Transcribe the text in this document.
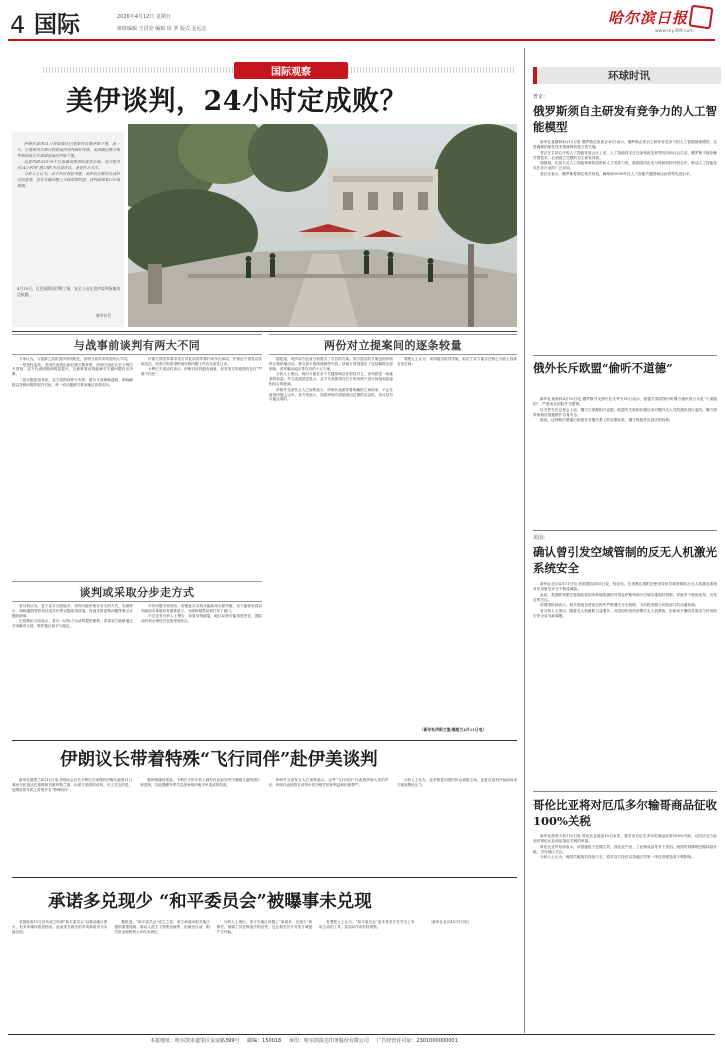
4 国际	2026年4月12日 星期日
值班编辑 王洪亮 编辑 周 翠 版式 金远志
哈尔滨日报
www.my399.com
国际观察
美伊谈判，24小时定成败？

伊朗代表团11日凌晨抵达巴基斯坦首都伊斯兰堡，前一天，巴基斯坦方面已经就美伊谈判做好安排。美国副总统万斯率领的美方代表团也抵达伊斯兰堡。

这是两国自1979年以来最高级别的直接会晤。双方能否在24小时的“窗口期”内达成协议，备受各方关注。

分析人士认为，出于各自利益考量，美伊双方都有达成协议的意愿，但在关键问题上分歧依然明显，谈判前景难以乐观预测。

4月10日，在巴基斯坦伊斯兰堡，安全人员在美伊谈判场地周边执勤。
新华社发
与战事前谈判有两大不同

专家认为，与战事之前的美伊谈判相比，伊朗当前对谈判有两大不同。

一是授权更高。美国代表团由副总统万斯率领，伊朗方面由议长卡利巴夫领衔，双方代表团级别明显提升，这意味着谈判能够对关键问题作出决断。

二是议题更加具体。双方将围绕停火安排、霍尔木兹海峡通航、制裁解除以及核问题等展开讨论，每一项议题都关系到地区局势走向。

伊朗方面坚持要求美方对此前的军事行动作出承诺，并保证不再发动类似攻击，而美方则希望伊朗在核问题上作出实质性让步。

卡利巴夫抵达时表示，伊朗对谈判抱有诚意，但对美方的意图仍存在“严重不信任”。

两份对立提案间的逐条较量

据报道，美伊双方此前分别提出了各自的方案。美方提出的方案包括伊朗停止铀浓缩活动、移交高丰度浓缩铀等内容；伊朗方面则提出了包括解除全部制裁、美军撤出地区等在内的十点方案。

分析人士指出，两份方案在多个关键领域存在明显对立，谈判将是一场逐条的较量。外交渠道消息显示，双方代表团将在巴方的协调下进行间接和直接相结合的磋商。

伊朗外交部发言人巴加埃表示，伊朗代表团带着明确的立场前来，不会在原则问题上让步。美方则表示，如果伊朗方面展现出足够的灵活性，协议是有可能达成的。

观察人士认为，谈判能否取得突破，取决于双方能否在核心分歧上找到妥协空间。

（新华社伊斯兰堡/德黑兰4月11日电）
谈判或采取分步走方式

有分析认为，鉴于双方分歧较多，谈判可能采取分步走的方式，先就停火、海峡通航等较易达成共识的议题取得进展，再逐步推进核问题等难点议题的磋商。

巴基斯坦方面表示，将尽一切努力为谈判提供便利，希望双方能够通过对话解决分歧，维护地区和平与稳定。

中东问题专家指出，即便此次谈判未能取得全面突破，双方能够坐到谈判桌前本身就具有重要意义，为缓和紧张局势打开了窗口。

不过也有分析人士警告，如果谈判破裂，地区局势可能再度恶化，国际油价和全球经济也将受到冲击。

伊朗议长带着特殊“飞行同伴”赴伊美谈判

新华社德黑兰4月11日电 伊朗议会议长卡利巴夫率领的伊朗代表团11日乘坐专机抵达巴基斯坦首都伊斯兰堡，出席与美国的谈判。引人关注的是，他乘坐的专机上带着多名“特殊同伴”。

据伊朗媒体报道，卡利巴夫的专机上载有在此前冲突中遇难儿童的照片和遗物，以此提醒外界关注战争给伊朗平民造成的伤害。

伊朗外交部发言人巴加埃表示，这些“飞行同伴”代表着伊朗人民的声音，伊朗代表团将在谈判中坚决维护国家利益和民族尊严。

分析人士认为，此举既是向国内民众表明立场，也是在谈判开始前向美方施加舆论压力。

承诺多兑现少 “和平委员会”被曝事未兑现

美国政府11日宣布成立所谓“和平委员会”以推动地区停火，但多家媒体报道指出，此前美方做出的多项承诺至今未能兑现。

据报道，“和平委员会”成立之初，美方承诺向相关地区提供重建援助、推动人道主义物资运输等，但截至目前，相关资金和物资大多仍未到位。

分析人士指出，美方在地区问题上“承诺多、兑现少”的做法，削弱了其在斡旋中的信誉，也让相关各方对美方诚意产生怀疑。

有观察人士认为，“和平委员会”更多是美方在外交上争取主动的工具，其实际作用有待观察。

（新华社北京4月11日电）

环球时讯
普京：
俄罗斯须自主研发有竞争力的人工智能模型

新华社莫斯科4月11日电 俄罗斯总统普京10日表示，俄罗斯必须自主研发有竞争力的人工智能基础模型，这是确保国家在技术领域保持独立的关键。

普京在主持召开的人工智能发展会议上说，人工智能技术正在深刻改变世界经济和社会生活，俄罗斯不能依赖外国技术，必须建立完整的自主研发体系。

他强调，应加大对人工智能领域的投资和人才培养力度，鼓励国内企业与科研机构开展合作，推动人工智能技术在各行业的广泛应用。

普京还表示，俄罗斯将制定相关规划，确保到2030年在人工智能关键领域达到世界先进水平。

俄外长斥欧盟“偷听不道德”

新华社莫斯科4月10日电 俄罗斯外交部长拉夫罗夫10日表示，欧盟方面试图窃听俄方通讯的行为是“不道德的”，严重违反国际外交惯例。

拉夫罗夫在记者会上说，俄方已掌握相关证据，欧盟有关机构长期以来对俄外交人员的通讯进行监听，俄方将采取相应措施维护自身安全。

他说，这种做法暴露出欧盟在对俄关系上的双重标准，俄方保留作出回应的权利。

美国：
确认曾引发空域管制的反无人机激光系统安全

新华社北京4月11日电 美国国防部10日说，经评估，在美墨边境附近使用导致空域管制的反无人机激光系统对民用航空安全不构成威胁。

此前，美国联邦航空管理局曾因该系统的测试对得克萨斯州部分空域实施临时管制，导致多个航班延误，引发各界关注。

美国国防部表示，相关系统在使用过程中严格遵守安全规程，今后将加强与民航部门的沟通协调。

有分析人士指出，随着无人机威胁日益增多，各国纷纷加快部署反无人机系统，但如何平衡防务需求与民用航空安全成为新课题。

哥伦比亚将对厄瓜多尔输哥商品征收100%关税

新华社波哥大4月10日电 哥伦比亚政府10日宣布，将对来自厄瓜多尔的商品征收100%关税，以回应厄方此前对哥伦比亚商品加征关税的举措。

哥伦比亚贸易部表示，该措施将于近期生效，涉及农产品、工业制成品等多个类别。两国贸易摩擦近期持续升级，引发地区关注。

分析人士认为，两国关税战若持续下去，将对双方经济以及地区贸易一体化进程造成不利影响。

本报地址：哈尔滨市道里区友谊路399号 邮编：150018 承印：哈尔滨报达印务股份有限公司 广告经营许可证：2301000000001
